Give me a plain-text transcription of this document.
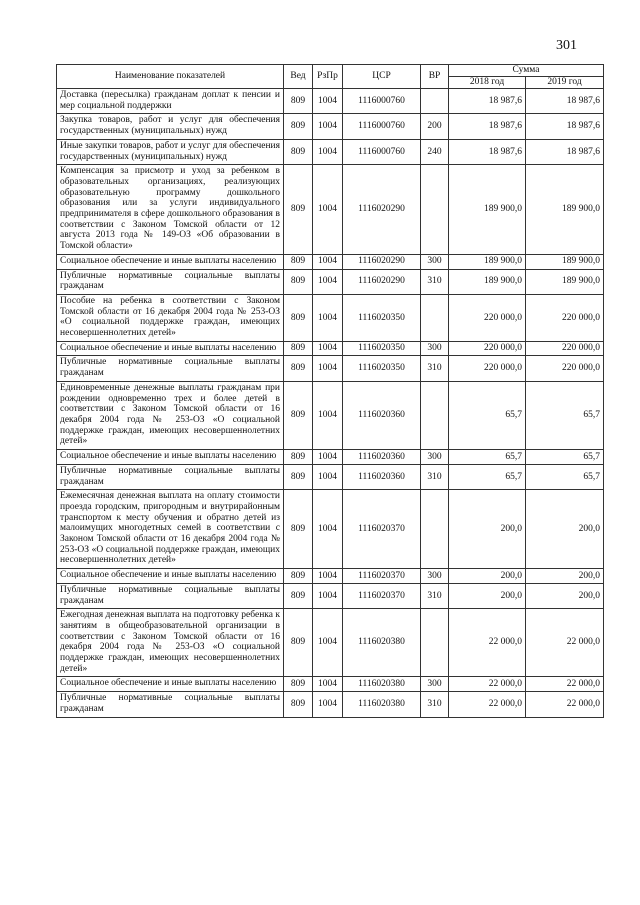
301
Наименование показателей	Вед	РзПр	ЦСР	ВР	Сумма	
					2018 год	2019 год
Доставка (пересылка) гражданам доплат к пенсии и мер социальной поддержки	809	1004	1116000760		18 987,6	18 987,6
Закупка товаров, работ и услуг для обеспечения государственных (муниципальных) нужд	809	1004	1116000760	200	18 987,6	18 987,6
Иные закупки товаров, работ и услуг для обеспечения государственных (муниципальных) нужд	809	1004	1116000760	240	18 987,6	18 987,6
Компенсация за присмотр и уход за ребенком в образовательных организациях, реализующих образовательную программу дошкольного образования или за услуги индивидуального предпринимателя в сфере дошкольного образования в соответствии с Законом Томской области от 12 августа 2013 года № 149-ОЗ «Об образовании в Томской области»	809	1004	1116020290		189 900,0	189 900,0
Социальное обеспечение и иные выплаты населению	809	1004	1116020290	300	189 900,0	189 900,0
Публичные нормативные социальные выплаты гражданам	809	1004	1116020290	310	189 900,0	189 900,0
Пособие на ребенка в соответствии с Законом Томской области от 16 декабря 2004 года № 253-ОЗ «О социальной поддержке граждан, имеющих несовершеннолетних детей»	809	1004	1116020350		220 000,0	220 000,0
Социальное обеспечение и иные выплаты населению	809	1004	1116020350	300	220 000,0	220 000,0
Публичные нормативные социальные выплаты гражданам	809	1004	1116020350	310	220 000,0	220 000,0
Единовременные денежные выплаты гражданам при рождении одновременно трех и более детей в соответствии с Законом Томской области от 16 декабря 2004 года № 253-ОЗ «О социальной поддержке граждан, имеющих несовершеннолетних детей»	809	1004	1116020360		65,7	65,7
Социальное обеспечение и иные выплаты населению	809	1004	1116020360	300	65,7	65,7
Публичные нормативные социальные выплаты гражданам	809	1004	1116020360	310	65,7	65,7
Ежемесячная денежная выплата на оплату стоимости проезда городским, пригородным и внутрирайонным транспортом к месту обучения и обратно детей из малоимущих многодетных семей в соответствии с Законом Томской области от 16 декабря 2004 года № 253-ОЗ «О социальной поддержке граждан, имеющих несовершеннолетних детей»	809	1004	1116020370		200,0	200,0
Социальное обеспечение и иные выплаты населению	809	1004	1116020370	300	200,0	200,0
Публичные нормативные социальные выплаты гражданам	809	1004	1116020370	310	200,0	200,0
Ежегодная денежная выплата на подготовку ребенка к занятиям в общеобразовательной организации в соответствии с Законом Томской области от 16 декабря 2004 года № 253-ОЗ «О социальной поддержке граждан, имеющих несовершеннолетних детей»	809	1004	1116020380		22 000,0	22 000,0
Социальное обеспечение и иные выплаты населению	809	1004	1116020380	300	22 000,0	22 000,0
Публичные нормативные социальные выплаты гражданам	809	1004	1116020380	310	22 000,0	22 000,0
